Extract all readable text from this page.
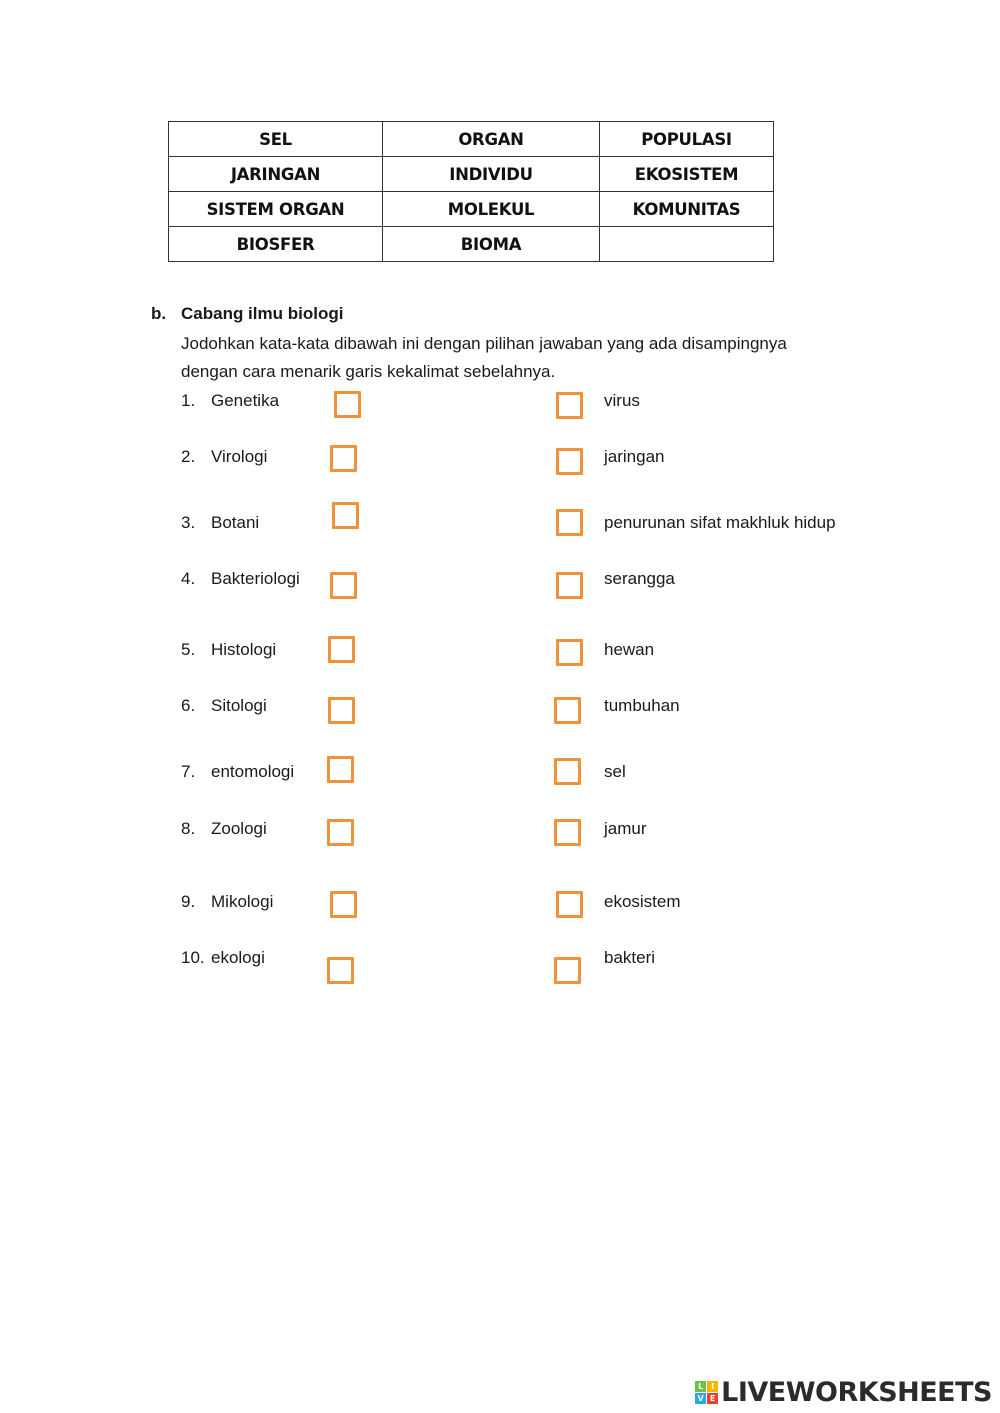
SEL	ORGAN	POPULASI
JARINGAN	INDIVIDU	EKOSISTEM
SISTEM ORGAN	MOLEKUL	KOMUNITAS
BIOSFER	BIOMA	
b. Cabang ilmu biologi
Jodohkan kata-kata dibawah ini dengan pilihan jawaban yang ada disampingnya
dengan cara menarik garis kekalimat sebelahnya.
1. Genetika	virus
2. Virologi	jaringan
3. Botani	penurunan sifat makhluk hidup
4. Bakteriologi	serangga
5. Histologi	hewan
6. Sitologi	tumbuhan
7. entomologi	sel
8. Zoologi	jamur
9. Mikologi	ekosistem
10. ekologi	bakteri
L I
V E LIVEWORKSHEETS
